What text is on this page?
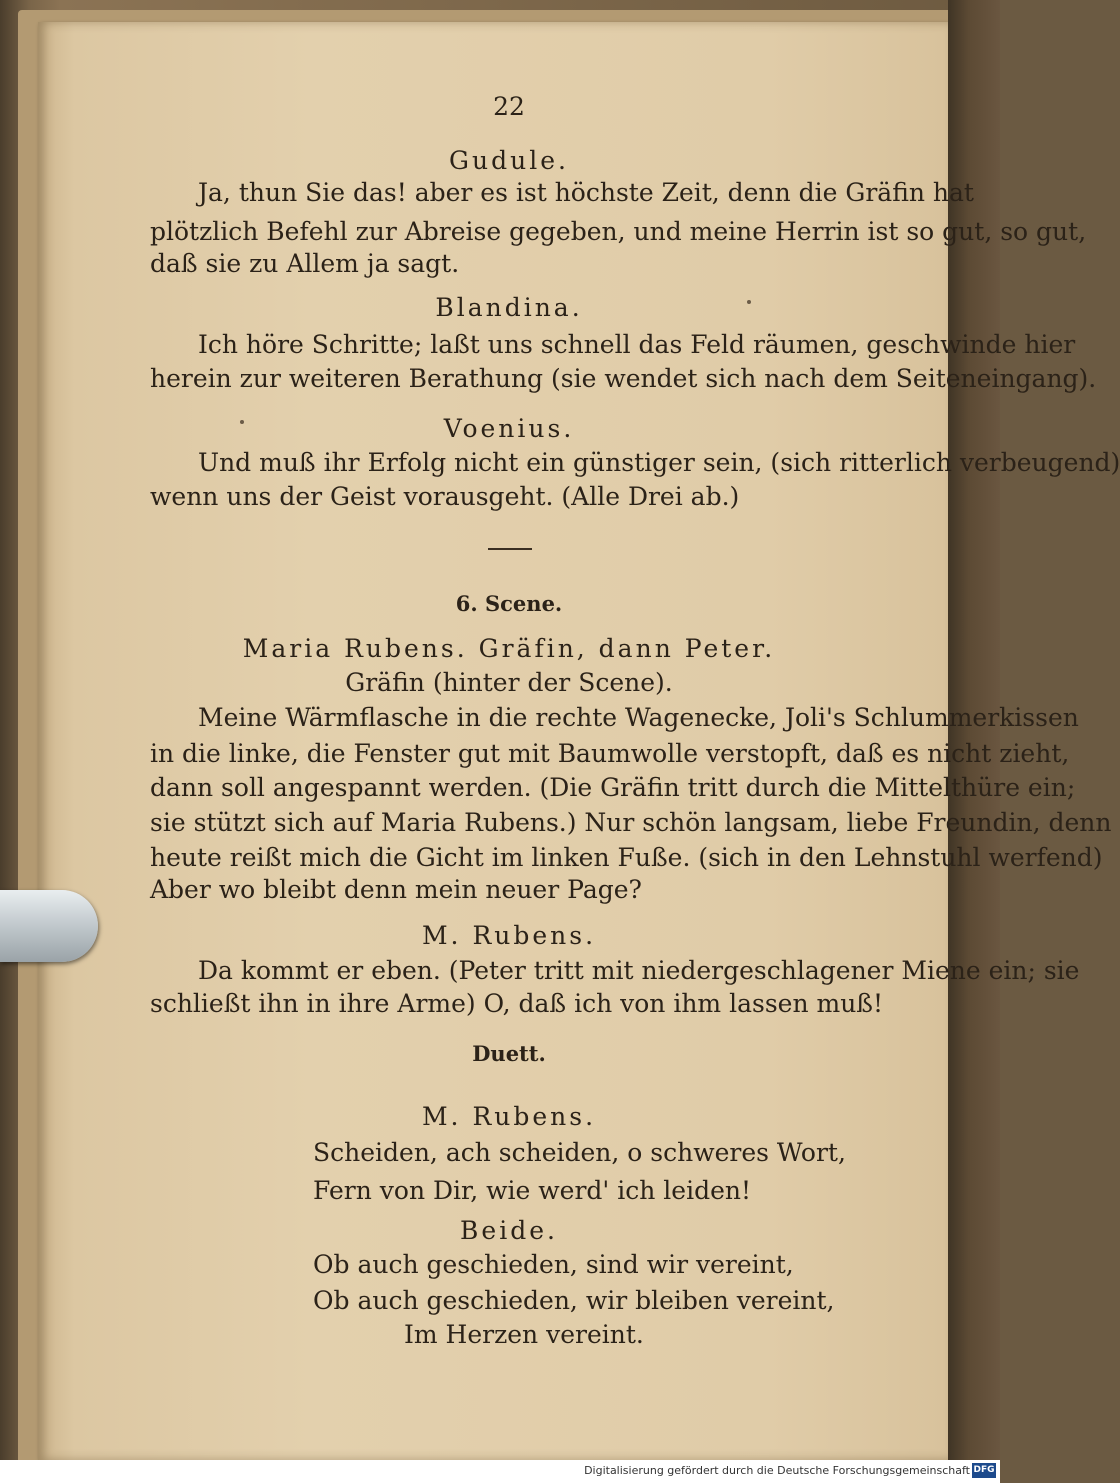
22
Gudule.
Ja, thun Sie das! aber es ist höchste Zeit, denn die Gräfin hat
plötzlich Befehl zur Abreise gegeben, und meine Herrin ist so gut, so gut,
daß sie zu Allem ja sagt.
Blandina.
Ich höre Schritte; laßt uns schnell das Feld räumen, geschwinde hier
herein zur weiteren Berathung (sie wendet sich nach dem Seiteneingang).
Voenius.
Und muß ihr Erfolg nicht ein günstiger sein, (sich ritterlich verbeugend)
wenn uns der Geist vorausgeht. (Alle Drei ab.)
6. Scene.
Maria Rubens. Gräfin, dann Peter.
Gräfin (hinter der Scene).
Meine Wärmflasche in die rechte Wagenecke, Joli's Schlummerkissen
in die linke, die Fenster gut mit Baumwolle verstopft, daß es nicht zieht,
dann soll angespannt werden. (Die Gräfin tritt durch die Mittelthüre ein;
sie stützt sich auf Maria Rubens.) Nur schön langsam, liebe Freundin, denn
heute reißt mich die Gicht im linken Fuße. (sich in den Lehnstuhl werfend)
Aber wo bleibt denn mein neuer Page?
M. Rubens.
Da kommt er eben. (Peter tritt mit niedergeschlagener Miene ein; sie
schließt ihn in ihre Arme) O, daß ich von ihm lassen muß!
Duett.
M. Rubens.
Scheiden, ach scheiden, o schweres Wort,
Fern von Dir, wie werd' ich leiden!
Beide.
Ob auch geschieden, sind wir vereint,
Ob auch geschieden, wir bleiben vereint,
Im Herzen vereint.
Digitalisierung gefördert durch die Deutsche Forschungsgemeinschaft DFG
